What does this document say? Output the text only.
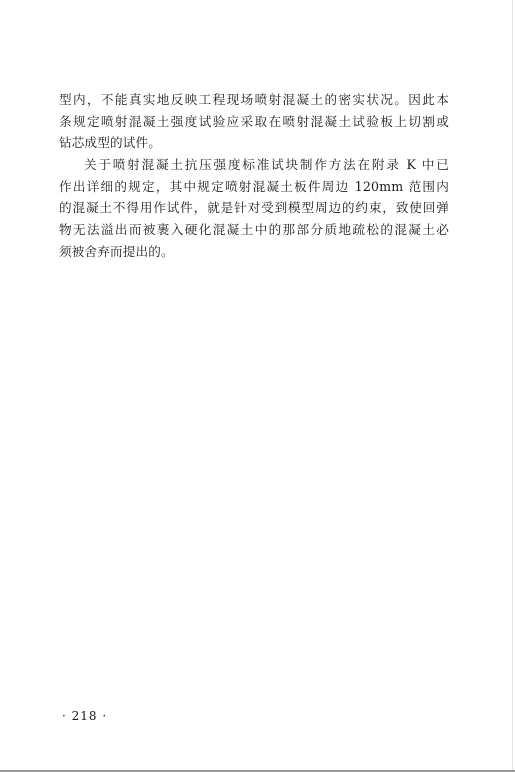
型内，不能真实地反映工程现场喷射混凝土的密实状况。因此本
条规定喷射混凝土强度试验应采取在喷射混凝土试验板上切割或
钻芯成型的试件。
关于喷射混凝土抗压强度标准试块制作方法在附录 K 中已
作出详细的规定，其中规定喷射混凝土板件周边 120mm 范围内
的混凝土不得用作试件，就是针对受到模型周边的约束，致使回弹
物无法溢出而被裹入硬化混凝土中的那部分质地疏松的混凝土必
须被舍弃而提出的。
· 218 ·
